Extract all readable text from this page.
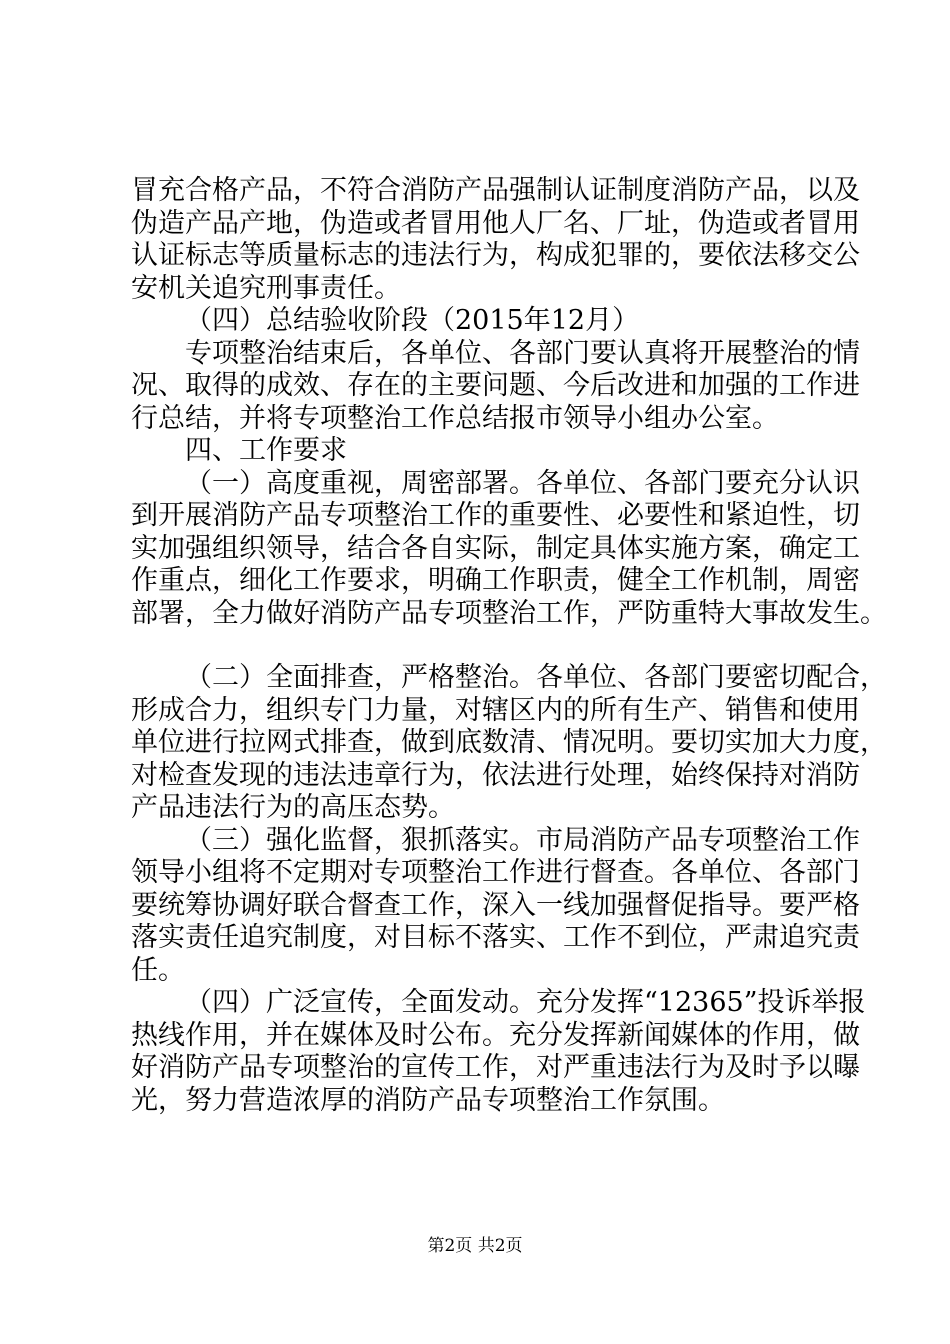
冒充合格产品，不符合消防产品强制认证制度消防产品，以及
伪造产品产地，伪造或者冒用他人厂名、厂址，伪造或者冒用
认证标志等质量标志的违法行为，构成犯罪的，要依法移交公
安机关追究刑事责任。
（四）总结验收阶段（2015年12月）
专项整治结束后，各单位、各部门要认真将开展整治的情
况、取得的成效、存在的主要问题、今后改进和加强的工作进
行总结，并将专项整治工作总结报市领导小组办公室。
四、工作要求
（一）高度重视，周密部署。各单位、各部门要充分认识
到开展消防产品专项整治工作的重要性、必要性和紧迫性，切
实加强组织领导，结合各自实际，制定具体实施方案，确定工
作重点，细化工作要求，明确工作职责，健全工作机制，周密
部署，全力做好消防产品专项整治工作，严防重特大事故发生。
（二）全面排查，严格整治。各单位、各部门要密切配合，
形成合力，组织专门力量，对辖区内的所有生产、销售和使用
单位进行拉网式排查，做到底数清、情况明。要切实加大力度，
对检查发现的违法违章行为，依法进行处理，始终保持对消防
产品违法行为的高压态势。
（三）强化监督，狠抓落实。市局消防产品专项整治工作
领导小组将不定期对专项整治工作进行督查。各单位、各部门
要统筹协调好联合督查工作，深入一线加强督促指导。要严格
落实责任追究制度，对目标不落实、工作不到位，严肃追究责
任。
（四）广泛宣传，全面发动。充分发挥“12365”投诉举报
热线作用，并在媒体及时公布。充分发挥新闻媒体的作用，做
好消防产品专项整治的宣传工作，对严重违法行为及时予以曝
光，努力营造浓厚的消防产品专项整治工作氛围。
第2页 共2页
